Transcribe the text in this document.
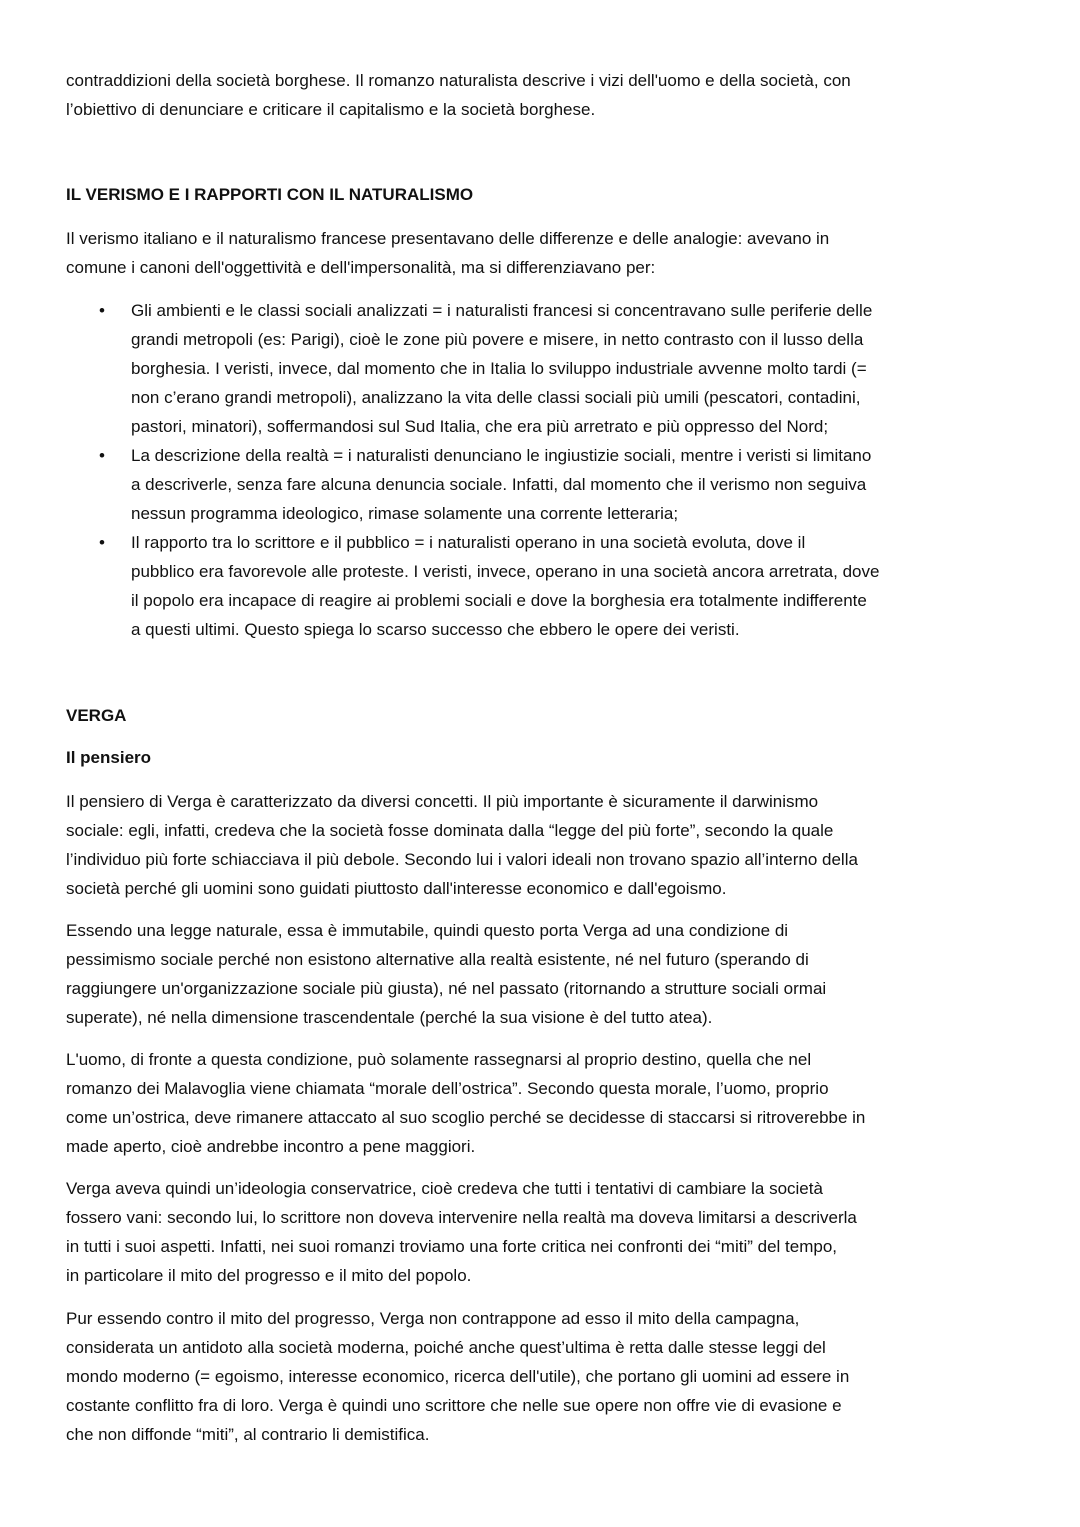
contraddizioni della società borghese. Il romanzo naturalista descrive i vizi dell'uomo e della società, con
l’obiettivo di denunciare e criticare il capitalismo e la società borghese.
IL VERISMO E I RAPPORTI CON IL NATURALISMO
Il verismo italiano e il naturalismo francese presentavano delle differenze e delle analogie: avevano in
comune i canoni dell'oggettività e dell'impersonalità, ma si differenziavano per:
• Gli ambienti e le classi sociali analizzati = i naturalisti francesi si concentravano sulle periferie delle
grandi metropoli (es: Parigi), cioè le zone più povere e misere, in netto contrasto con il lusso della
borghesia. I veristi, invece, dal momento che in Italia lo sviluppo industriale avvenne molto tardi (=
non c’erano grandi metropoli), analizzano la vita delle classi sociali più umili (pescatori, contadini,
pastori, minatori), soffermandosi sul Sud Italia, che era più arretrato e più oppresso del Nord;
• La descrizione della realtà = i naturalisti denunciano le ingiustizie sociali, mentre i veristi si limitano
a descriverle, senza fare alcuna denuncia sociale. Infatti, dal momento che il verismo non seguiva
nessun programma ideologico, rimase solamente una corrente letteraria;
• Il rapporto tra lo scrittore e il pubblico = i naturalisti operano in una società evoluta, dove il
pubblico era favorevole alle proteste. I veristi, invece, operano in una società ancora arretrata, dove
il popolo era incapace di reagire ai problemi sociali e dove la borghesia era totalmente indifferente
a questi ultimi. Questo spiega lo scarso successo che ebbero le opere dei veristi.
VERGA
Il pensiero
Il pensiero di Verga è caratterizzato da diversi concetti. Il più importante è sicuramente il darwinismo
sociale: egli, infatti, credeva che la società fosse dominata dalla “legge del più forte”, secondo la quale
l’individuo più forte schiacciava il più debole. Secondo lui i valori ideali non trovano spazio all’interno della
società perché gli uomini sono guidati piuttosto dall'interesse economico e dall'egoismo.
Essendo una legge naturale, essa è immutabile, quindi questo porta Verga ad una condizione di
pessimismo sociale perché non esistono alternative alla realtà esistente, né nel futuro (sperando di
raggiungere un'organizzazione sociale più giusta), né nel passato (ritornando a strutture sociali ormai
superate), né nella dimensione trascendentale (perché la sua visione è del tutto atea).
L'uomo, di fronte a questa condizione, può solamente rassegnarsi al proprio destino, quella che nel
romanzo dei Malavoglia viene chiamata “morale dell’ostrica”. Secondo questa morale, l’uomo, proprio
come un’ostrica, deve rimanere attaccato al suo scoglio perché se decidesse di staccarsi si ritroverebbe in
made aperto, cioè andrebbe incontro a pene maggiori.
Verga aveva quindi un’ideologia conservatrice, cioè credeva che tutti i tentativi di cambiare la società
fossero vani: secondo lui, lo scrittore non doveva intervenire nella realtà ma doveva limitarsi a descriverla
in tutti i suoi aspetti. Infatti, nei suoi romanzi troviamo una forte critica nei confronti dei “miti” del tempo,
in particolare il mito del progresso e il mito del popolo.
Pur essendo contro il mito del progresso, Verga non contrappone ad esso il mito della campagna,
considerata un antidoto alla società moderna, poiché anche quest’ultima è retta dalle stesse leggi del
mondo moderno (= egoismo, interesse economico, ricerca dell'utile), che portano gli uomini ad essere in
costante conflitto fra di loro. Verga è quindi uno scrittore che nelle sue opere non offre vie di evasione e
che non diffonde “miti”, al contrario li demistifica.
